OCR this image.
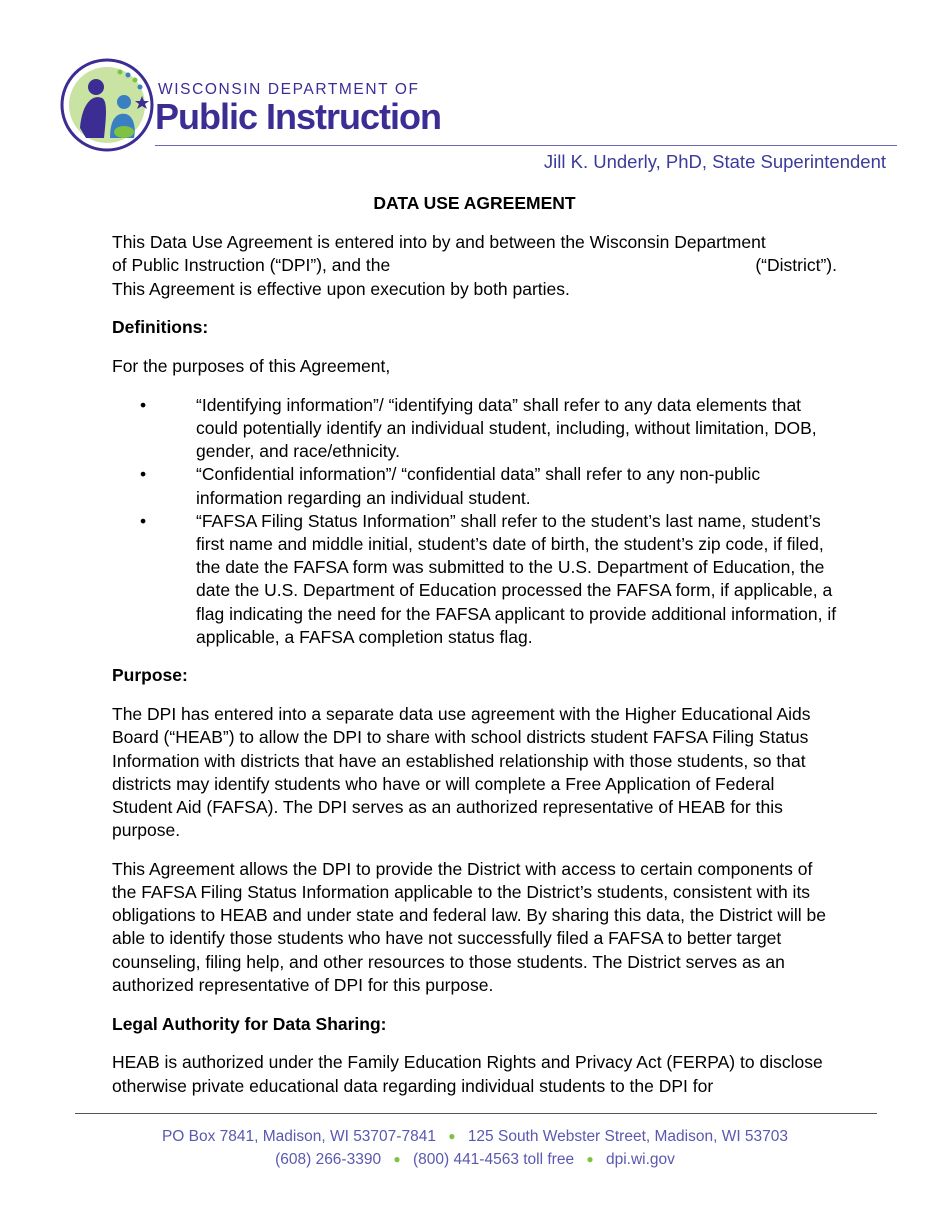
WISCONSIN DEPARTMENT OF
Public Instruction
Jill K. Underly, PhD, State Superintendent
DATA USE AGREEMENT
This Data Use Agreement is entered into by and between the Wisconsin Department
of Public Instruction (“DPI”), and the	(“District”).
This Agreement is effective upon execution by both parties.
Definitions:

For the purposes of this Agreement,

•	“Identifying information”/ “identifying data” shall refer to any data elements that could potentially identify an individual student, including, without limitation, DOB, gender, and race/ethnicity.
•	“Confidential information”/ “confidential data” shall refer to any non-public information regarding an individual student.
•	“FAFSA Filing Status Information” shall refer to the student’s last name, student’s first name and middle initial, student’s date of birth, the student’s zip code, if filed, the date the FAFSA form was submitted to the U.S. Department of Education, the date the U.S. Department of Education processed the FAFSA form, if applicable, a flag indicating the need for the FAFSA applicant to provide additional information, if applicable, a FAFSA completion status flag.
Purpose:

The DPI has entered into a separate data use agreement with the Higher Educational Aids Board (“HEAB”) to allow the DPI to share with school districts student FAFSA Filing Status Information with districts that have an established relationship with those students, so that districts may identify students who have or will complete a Free Application of Federal Student Aid (FAFSA). The DPI serves as an authorized representative of HEAB for this purpose.

This Agreement allows the DPI to provide the District with access to certain components of the FAFSA Filing Status Information applicable to the District’s students, consistent with its obligations to HEAB and under state and federal law. By sharing this data, the District will be able to identify those students who have not successfully filed a FAFSA to better target counseling, filing help, and other resources to those students. The District serves as an authorized representative of DPI for this purpose.

Legal Authority for Data Sharing:

HEAB is authorized under the Family Education Rights and Privacy Act (FERPA) to disclose otherwise private educational data regarding individual students to the DPI for

PO Box 7841, Madison, WI 53707-7841 ● 125 South Webster Street, Madison, WI 53703
(608) 266-3390 ● (800) 441-4563 toll free ● dpi.wi.gov
